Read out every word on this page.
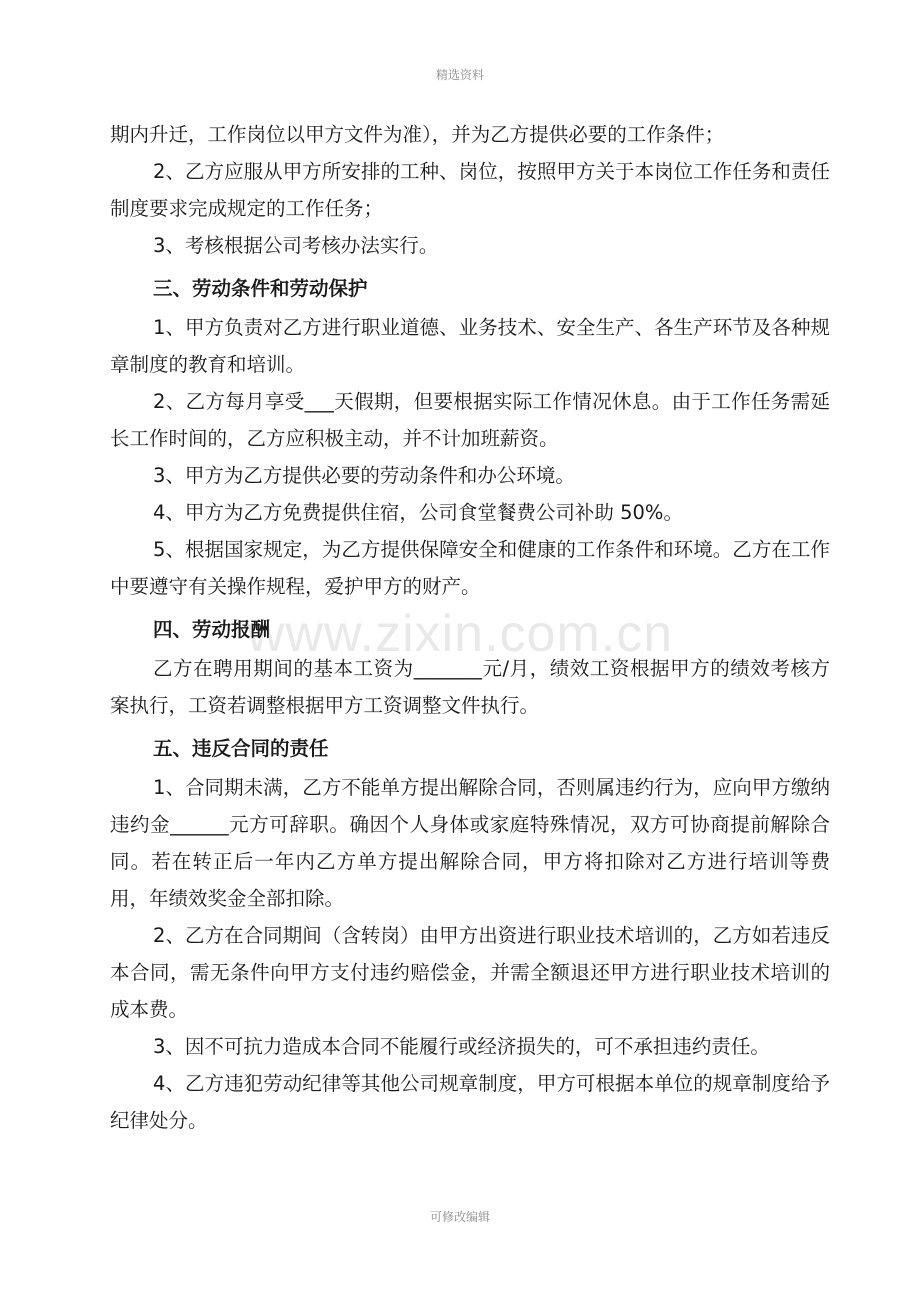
精选资料
www.zixin.com.cn

期内升迁，工作岗位以甲方文件为准），并为乙方提供必要的工作条件；

2、乙方应服从甲方所安排的工种、岗位，按照甲方关于本岗位工作任务和责任制度要求完成规定的工作任务；

3、考核根据公司考核办法实行。

三、劳动条件和劳动保护

1、甲方负责对乙方进行职业道德、业务技术、安全生产、各生产环节及各种规章制度的教育和培训。

2、乙方每月享受___天假期，但要根据实际工作情况休息。由于工作任务需延长工作时间的，乙方应积极主动，并不计加班薪资。

3、甲方为乙方提供必要的劳动条件和办公环境。

4、甲方为乙方免费提供住宿，公司食堂餐费公司补助 50%。

5、根据国家规定，为乙方提供保障安全和健康的工作条件和环境。乙方在工作中要遵守有关操作规程，爱护甲方的财产。

四、劳动报酬

乙方在聘用期间的基本工资为_______元/月，绩效工资根据甲方的绩效考核方案执行，工资若调整根据甲方工资调整文件执行。

五、违反合同的责任

1、合同期未满，乙方不能单方提出解除合同，否则属违约行为，应向甲方缴纳违约金______元方可辞职。确因个人身体或家庭特殊情况，双方可协商提前解除合同。若在转正后一年内乙方单方提出解除合同，甲方将扣除对乙方进行培训等费用，年绩效奖金全部扣除。

2、乙方在合同期间（含转岗）由甲方出资进行职业技术培训的，乙方如若违反本合同，需无条件向甲方支付违约赔偿金，并需全额退还甲方进行职业技术培训的成本费。

3、因不可抗力造成本合同不能履行或经济损失的，可不承担违约责任。

4、乙方违犯劳动纪律等其他公司规章制度，甲方可根据本单位的规章制度给予纪律处分。

可修改编辑
